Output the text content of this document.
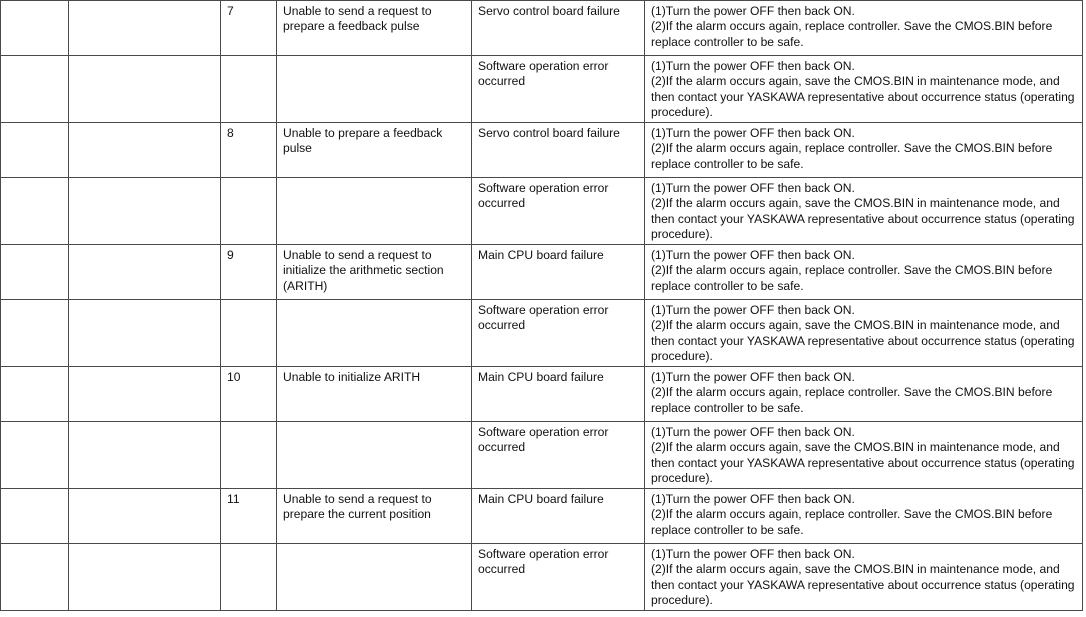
		7	Unable to send a request to prepare a feedback pulse	Servo control board failure	(1)Turn the power OFF then back ON.
(2)If the alarm occurs again, replace controller. Save the CMOS.BIN before replace controller to be safe.

				Software operation error occurred	(1)Turn the power OFF then back ON.
(2)If the alarm occurs again, save the CMOS.BIN in maintenance mode, and then contact your YASKAWA representative about occurrence status (operating procedure).

		8	Unable to prepare a feedback pulse	Servo control board failure	(1)Turn the power OFF then back ON.
(2)If the alarm occurs again, replace controller. Save the CMOS.BIN before replace controller to be safe.

				Software operation error occurred	(1)Turn the power OFF then back ON.
(2)If the alarm occurs again, save the CMOS.BIN in maintenance mode, and then contact your YASKAWA representative about occurrence status (operating procedure).

		9	Unable to send a request to initialize the arithmetic section (ARITH)	Main CPU board failure	(1)Turn the power OFF then back ON.
(2)If the alarm occurs again, replace controller. Save the CMOS.BIN before replace controller to be safe.

				Software operation error occurred	(1)Turn the power OFF then back ON.
(2)If the alarm occurs again, save the CMOS.BIN in maintenance mode, and then contact your YASKAWA representative about occurrence status (operating procedure).

		10	Unable to initialize ARITH	Main CPU board failure	(1)Turn the power OFF then back ON.
(2)If the alarm occurs again, replace controller. Save the CMOS.BIN before replace controller to be safe.

				Software operation error occurred	(1)Turn the power OFF then back ON.
(2)If the alarm occurs again, save the CMOS.BIN in maintenance mode, and then contact your YASKAWA representative about occurrence status (operating procedure).

		11	Unable to send a request to prepare the current position	Main CPU board failure	(1)Turn the power OFF then back ON.
(2)If the alarm occurs again, replace controller. Save the CMOS.BIN before replace controller to be safe.

				Software operation error occurred	(1)Turn the power OFF then back ON.
(2)If the alarm occurs again, save the CMOS.BIN in maintenance mode, and then contact your YASKAWA representative about occurrence status (operating procedure).
